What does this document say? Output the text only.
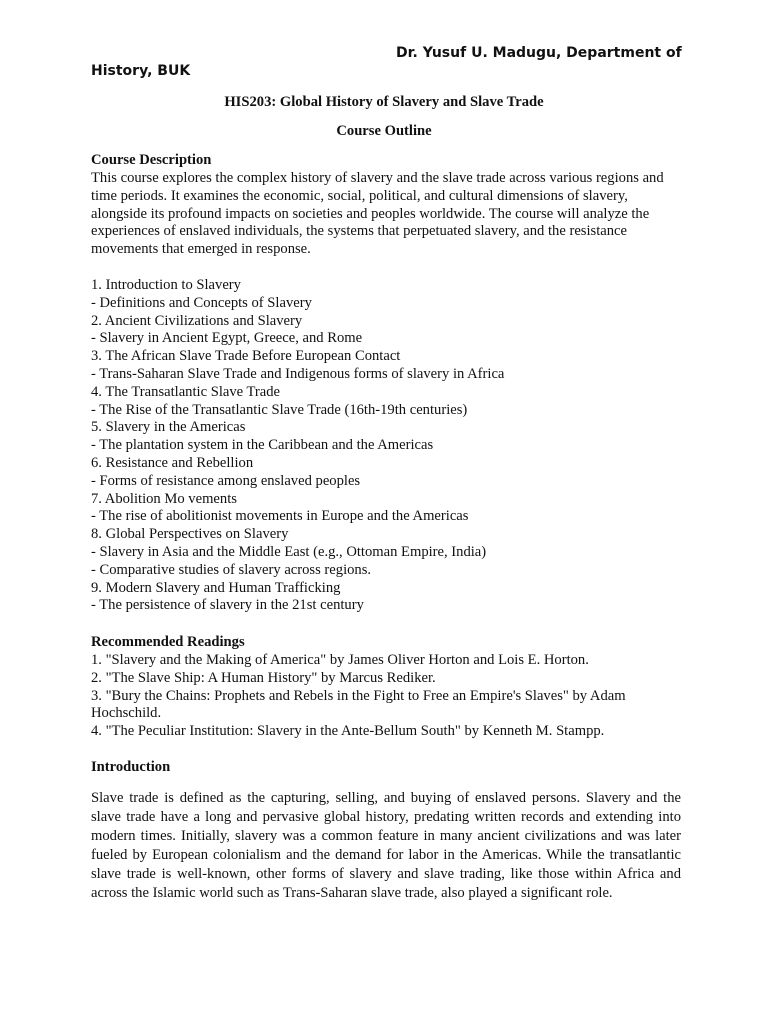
Dr. Yusuf U. Madugu, Department of History, BUK
HIS203: Global History of Slavery and Slave Trade
Course Outline
Course Description

This course explores the complex history of slavery and the slave trade across various regions and time periods. It examines the economic, social, political, and cultural dimensions of slavery, alongside its profound impacts on societies and peoples worldwide. The course will analyze the experiences of enslaved individuals, the systems that perpetuated slavery, and the resistance movements that emerged in response.

1. Introduction to Slavery
- Definitions and Concepts of Slavery
2. Ancient Civilizations and Slavery
- Slavery in Ancient Egypt, Greece, and Rome
3. The African Slave Trade Before European Contact
- Trans-Saharan Slave Trade and Indigenous forms of slavery in Africa
4. The Transatlantic Slave Trade
- The Rise of the Transatlantic Slave Trade (16th-19th centuries)
5. Slavery in the Americas
- The plantation system in the Caribbean and the Americas
6. Resistance and Rebellion
- Forms of resistance among enslaved peoples
7. Abolition Mo vements
- The rise of abolitionist movements in Europe and the Americas
8. Global Perspectives on Slavery
- Slavery in Asia and the Middle East (e.g., Ottoman Empire, India)
- Comparative studies of slavery across regions.
9. Modern Slavery and Human Trafficking
- The persistence of slavery in the 21st century
Recommended Readings
1. "Slavery and the Making of America" by James Oliver Horton and Lois E. Horton.
2. "The Slave Ship: A Human History" by Marcus Rediker.
3. "Bury the Chains: Prophets and Rebels in the Fight to Free an Empire's Slaves" by Adam Hochschild.
4. "The Peculiar Institution: Slavery in the Ante-Bellum South" by Kenneth M. Stampp.
Introduction

Slave trade is defined as the capturing, selling, and buying of enslaved persons. Slavery and the slave trade have a long and pervasive global history, predating written records and extending into modern times. Initially, slavery was a common feature in many ancient civilizations and was later fueled by European colonialism and the demand for labor in the Americas. While the transatlantic slave trade is well-known, other forms of slavery and slave trading, like those within Africa and across the Islamic world such as Trans-Saharan slave trade, also played a significant role.
